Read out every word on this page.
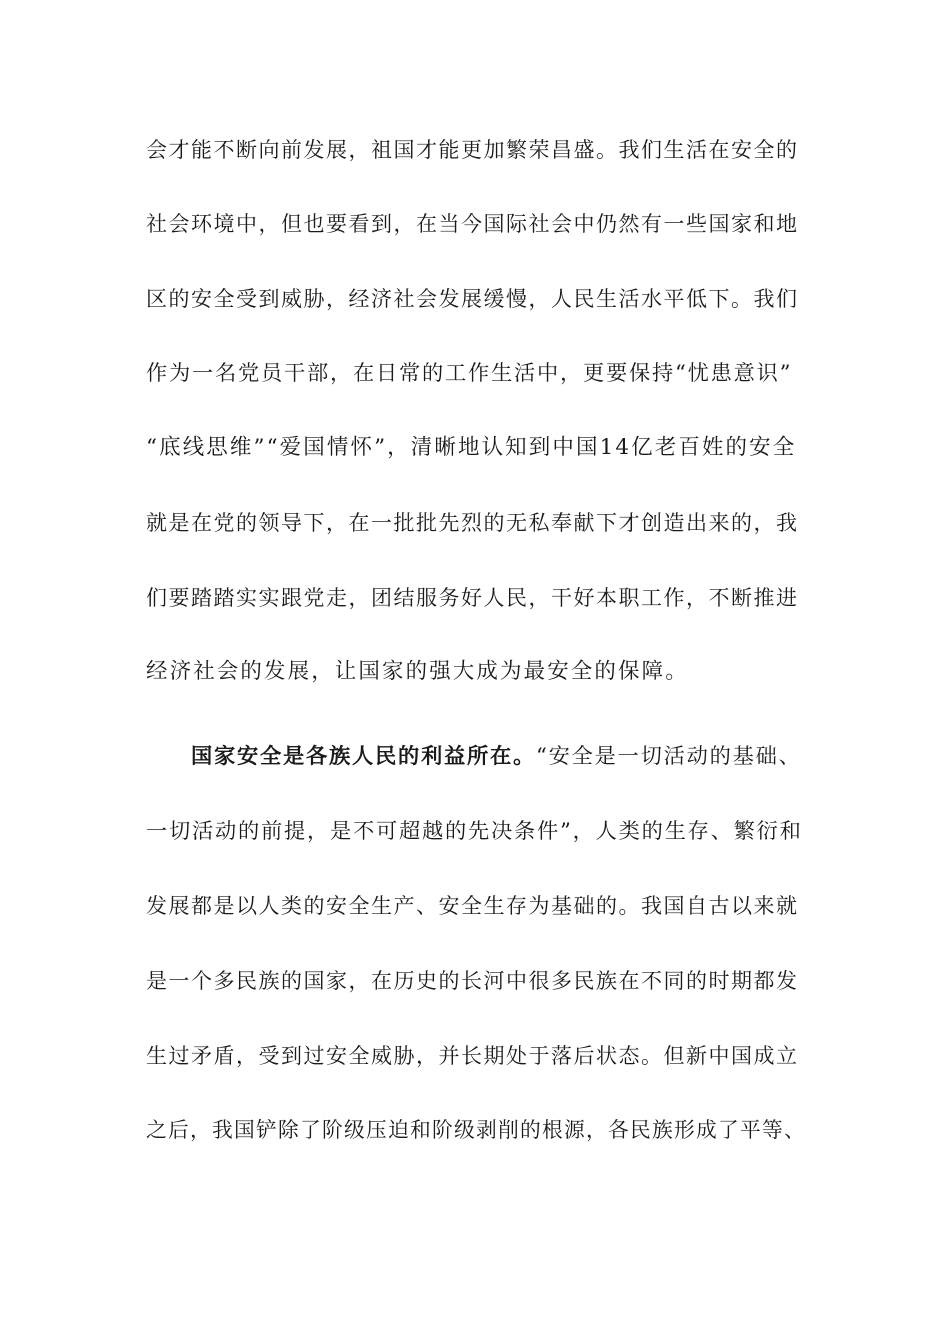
会才能不断向前发展，祖国才能更加繁荣昌盛。我们生活在安全的
社会环境中，但也要看到，在当今国际社会中仍然有一些国家和地
区的安全受到威胁，经济社会发展缓慢，人民生活水平低下。我们
作为一名党员干部，在日常的工作生活中，更要保持“忧患意识”
“底线思维”“爱国情怀”，清晰地认知到中国14亿老百姓的安全
就是在党的领导下，在一批批先烈的无私奉献下才创造出来的，我
们要踏踏实实跟党走，团结服务好人民，干好本职工作，不断推进
经济社会的发展，让国家的强大成为最安全的保障。
国家安全是各族人民的利益所在。“安全是一切活动的基础、
一切活动的前提，是不可超越的先决条件”，人类的生存、繁衍和
发展都是以人类的安全生产、安全生存为基础的。我国自古以来就
是一个多民族的国家，在历史的长河中很多民族在不同的时期都发
生过矛盾，受到过安全威胁，并长期处于落后状态。但新中国成立
之后，我国铲除了阶级压迫和阶级剥削的根源，各民族形成了平等、
